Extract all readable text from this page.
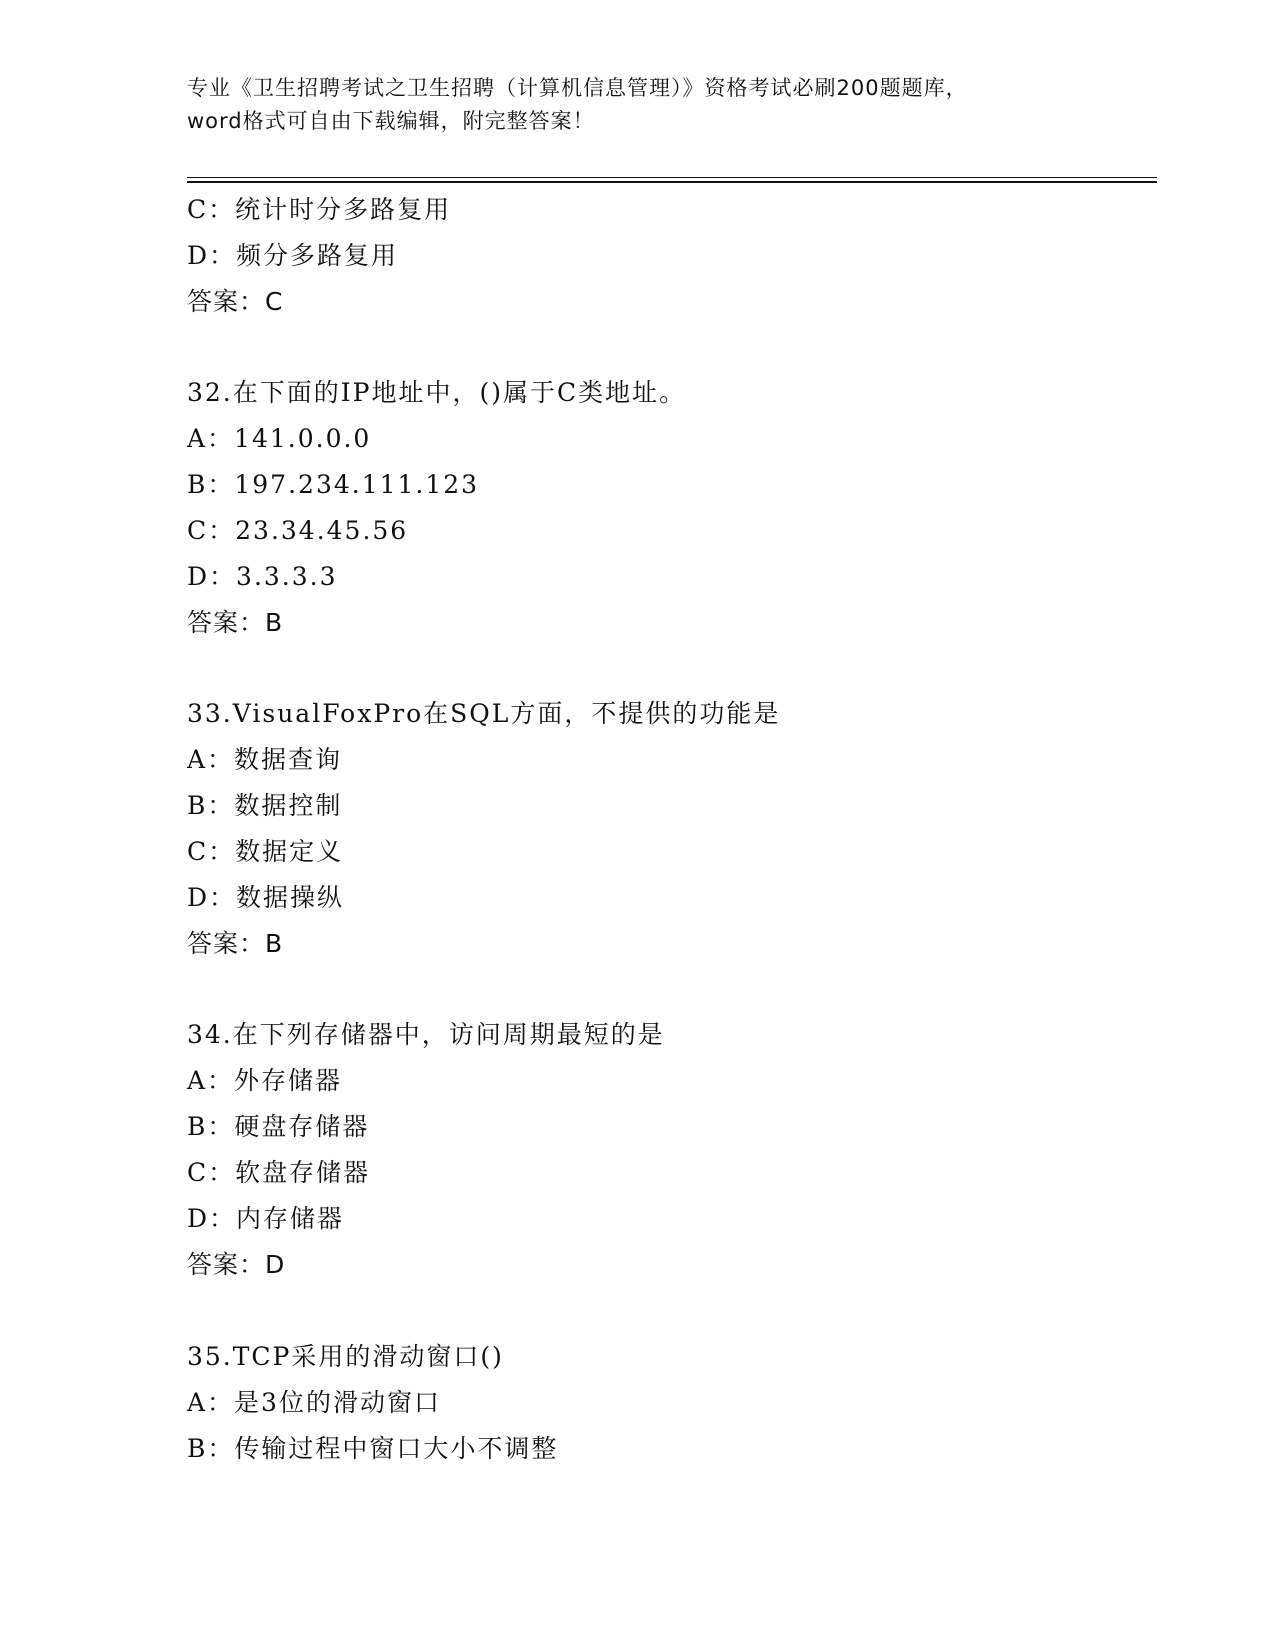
专业《卫生招聘考试之卫生招聘（计算机信息管理）》资格考试必刷200题题库，
word格式可自由下载编辑，附完整答案！
C：统计时分多路复用
D：频分多路复用
答案：C
32.在下面的IP地址中，()属于C类地址。
A：141.0.0.0
B：197.234.111.123
C：23.34.45.56
D：3.3.3.3
答案：B
33.VisualFoxPro在SQL方面，不提供的功能是
A：数据查询
B：数据控制
C：数据定义
D：数据操纵
答案：B
34.在下列存储器中，访问周期最短的是
A：外存储器
B：硬盘存储器
C：软盘存储器
D：内存储器
答案：D
35.TCP采用的滑动窗口()
A：是3位的滑动窗口
B：传输过程中窗口大小不调整
